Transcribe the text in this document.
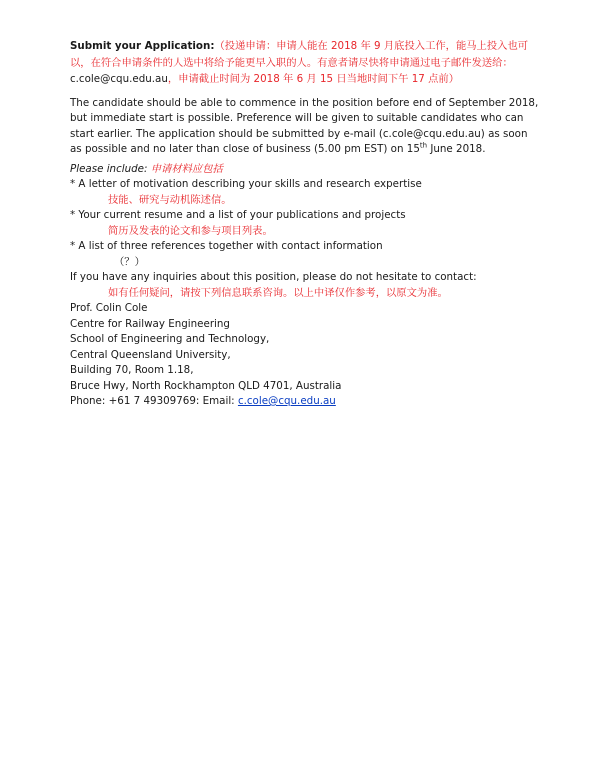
Submit your Application:（投递申请：申请人能在 2018 年 9 月底投入工作，能马上投入也可以，在符合申请条件的人选中将给予能更早入职的人。有意者请尽快将申请通过电子邮件发送给：c.cole@cqu.edu.au，申请截止时间为 2018 年 6 月 15 日当地时间下午 17 点前）

The candidate should be able to commence in the position before end of September 2018, but immediate start is possible. Preference will be given to suitable candidates who can start earlier. The application should be submitted by e-mail (c.cole@cqu.edu.au) as soon as possible and no later than close of business (5.00 pm EST) on 15th June 2018.

Please include: 申请材料应包括
* A letter of motivation describing your skills and research expertise
技能、研究与动机陈述信。
* Your current resume and a list of your publications and projects
简历及发表的论文和参与项目列表。
* A list of three references together with contact information
（？）
If you have any inquiries about this position, please do not hesitate to contact:
如有任何疑问，请按下列信息联系咨询。以上中译仅作参考，以原文为准。
Prof. Colin Cole
Centre for Railway Engineering
School of Engineering and Technology,
Central Queensland University,
Building 70, Room 1.18,
Bruce Hwy, North Rockhampton QLD 4701, Australia
Phone: +61 7 49309769: Email: c.cole@cqu.edu.au
